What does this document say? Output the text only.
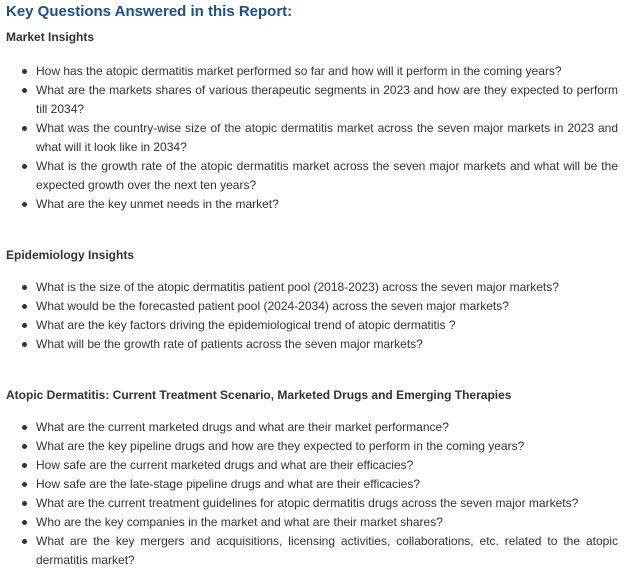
Key Questions Answered in this Report:
Market Insights
How has the atopic dermatitis market performed so far and how will it perform in the coming years?
What are the markets shares of various therapeutic segments in 2023 and how are they expected to perform till 2034?
What was the country-wise size of the atopic dermatitis market across the seven major markets in 2023 and what will it look like in 2034?
What is the growth rate of the atopic dermatitis market across the seven major markets and what will be the expected growth over the next ten years?
What are the key unmet needs in the market?
Epidemiology Insights
What is the size of the atopic dermatitis patient pool (2018-2023) across the seven major markets?
What would be the forecasted patient pool (2024-2034) across the seven major markets?
What are the key factors driving the epidemiological trend of atopic dermatitis ?
What will be the growth rate of patients across the seven major markets?
Atopic Dermatitis: Current Treatment Scenario, Marketed Drugs and Emerging Therapies
What are the current marketed drugs and what are their market performance?
What are the key pipeline drugs and how are they expected to perform in the coming years?
How safe are the current marketed drugs and what are their efficacies?
How safe are the late-stage pipeline drugs and what are their efficacies?
What are the current treatment guidelines for atopic dermatitis drugs across the seven major markets?
Who are the key companies in the market and what are their market shares?
What are the key mergers and acquisitions, licensing activities, collaborations, etc. related to the atopic dermatitis market?
